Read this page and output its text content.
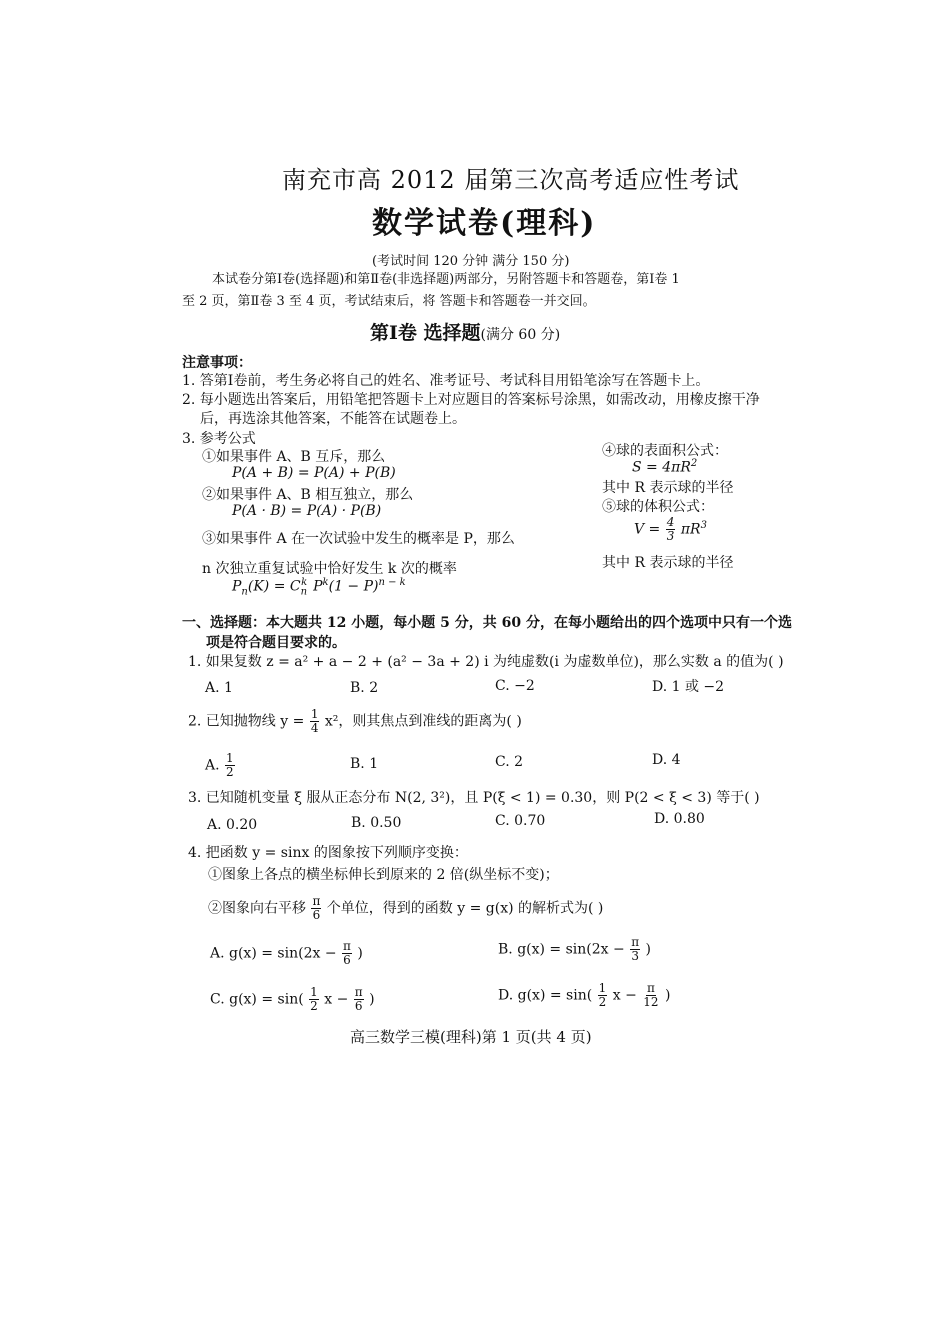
南充市高 2012 届第三次高考适应性考试
数学试卷(理科)
(考试时间 120 分钟 满分 150 分)
本试卷分第Ⅰ卷(选择题)和第Ⅱ卷(非选择题)两部分，另附答题卡和答题卷，第Ⅰ卷 1
至 2 页，第Ⅱ卷 3 至 4 页，考试结束后，将 答题卡和答题卷一并交回。
第Ⅰ卷 选择题(满分 60 分)
注意事项：
1. 答第Ⅰ卷前，考生务必将自己的姓名、准考证号、考试科目用铅笔涂写在答题卡上。
2. 每小题选出答案后，用铅笔把答题卡上对应题目的答案标号涂黑，如需改动，用橡皮擦干净
后，再选涂其他答案，不能答在试题卷上。
3. 参考公式
①如果事件 A、B 互斥，那么
P(A + B) = P(A) + P(B)
②如果事件 A、B 相互独立，那么
P(A · B) = P(A) · P(B)
③如果事件 A 在一次试验中发生的概率是 P，那么
n 次独立重复试验中恰好发生 k 次的概率
$P_n(K) = C_n^k$ $P^k(1 - P)^{n - k}$
④球的表面积公式：
$S = 4\pi R^2$
其中 R 表示球的半径
⑤球的体积公式：
$V = \frac{4}{3} \pi R^3$
其中 R 表示球的半径
一、选择题：本大题共 12 小题，每小题 5 分，共 60 分，在每小题给出的四个选项中只有一个选
项是符合题目要求的。
1. 如果复数 z = a² + a − 2 + (a² − 3a + 2) i 为纯虚数(i 为虚数单位)，那么实数 a 的值为( )
A. 1	B. 2	C. −2	D. 1 或 −2
2. 已知抛物线 $y = \frac{1}{4} x^2$，则其焦点到准线的距离为( )
A. $\frac{1}{2}$	B. 1	C. 2	D. 4
3. 已知随机变量 ξ 服从正态分布 N(2, 3²)，且 P(ξ < 1) = 0.30，则 P(2 < ξ < 3) 等于( )
A. 0.20	B. 0.50	C. 0.70	D. 0.80
4. 把函数 y = sinx 的图象按下列顺序变换：
①图象上各点的横坐标伸长到原来的 2 倍(纵坐标不变)；
②图象向右平移 $\frac{\pi}{6}$ 个单位，得到的函数 y = g(x) 的解析式为( )
A. $g(x) = \sin(2x - \frac{\pi}{6}$ )	B. $g(x) = \sin(2x - \frac{\pi}{3}$ )
C. $g(x) = \sin( \frac{1}{2}$ $x - \frac{\pi}{6}$ )	D. $g(x) = \sin( \frac{1}{2}$ $x - \frac{\pi}{12}$ )
高三数学三模(理科)第 1 页(共 4 页)
